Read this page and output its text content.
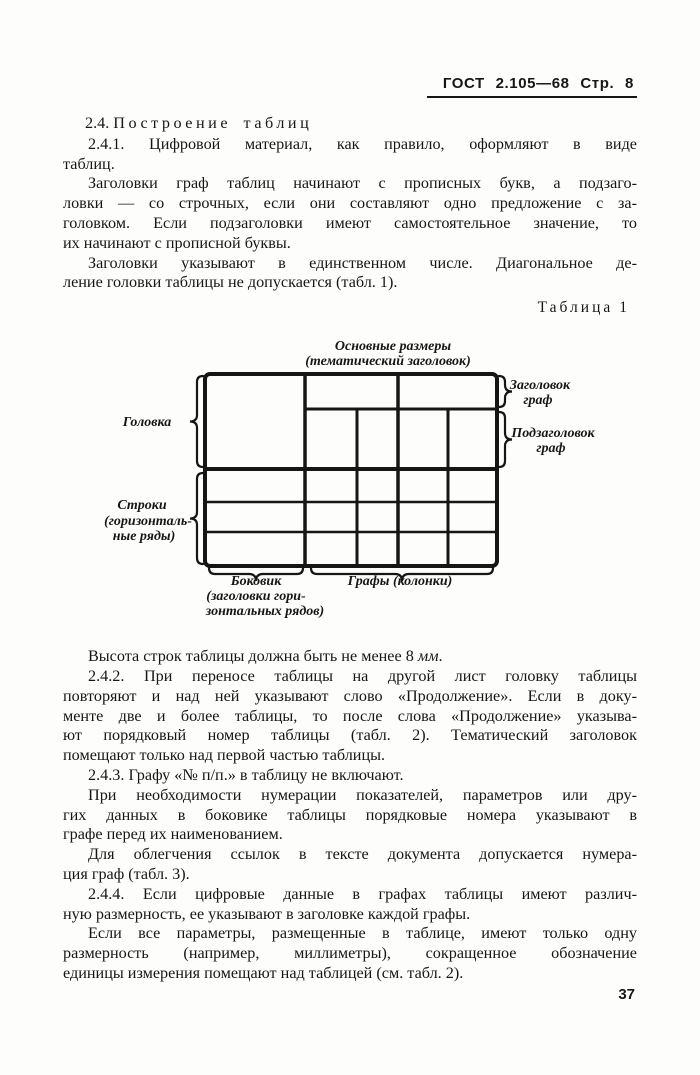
ГОСТ 2.105—68 Стр. 8
2.4. Построение таблиц
2.4.1. Цифровой материал, как правило, оформляют в виде
таблиц.
Заголовки граф таблиц начинают с прописных букв, а подзаго-
ловки — со строчных, если они составляют одно предложение с за-
головком. Если подзаголовки имеют самостоятельное значение, то
их начинают с прописной буквы.
Заголовки указывают в единственном числе. Диагональное де-
ление головки таблицы не допускается (табл. 1).
Таблица 1
Основные размеры
(тематический заголовок)
Головка
Строки
(горизонталь-
ные ряды)
Заголовок
граф
Подзаголовок
граф
Боковик
(заголовки гори-
зонтальных рядов)
Графы (колонки)
Высота строк таблицы должна быть не менее 8 мм.
2.4.2. При переносе таблицы на другой лист головку таблицы
повторяют и над ней указывают слово «Продолжение». Если в доку-
менте две и более таблицы, то после слова «Продолжение» указыва-
ют порядковый номер таблицы (табл. 2). Тематический заголовок
помещают только над первой частью таблицы.
2.4.3. Графу «№ п/п.» в таблицу не включают.
При необходимости нумерации показателей, параметров или дру-
гих данных в боковике таблицы порядковые номера указывают в
графе перед их наименованием.
Для облегчения ссылок в тексте документа допускается нумера-
ция граф (табл. 3).
2.4.4. Если цифровые данные в графах таблицы имеют различ-
ную размерность, ее указывают в заголовке каждой графы.
Если все параметры, размещенные в таблице, имеют только одну
размерность (например, миллиметры), сокращенное обозначение
единицы измерения помещают над таблицей (см. табл. 2).
37
